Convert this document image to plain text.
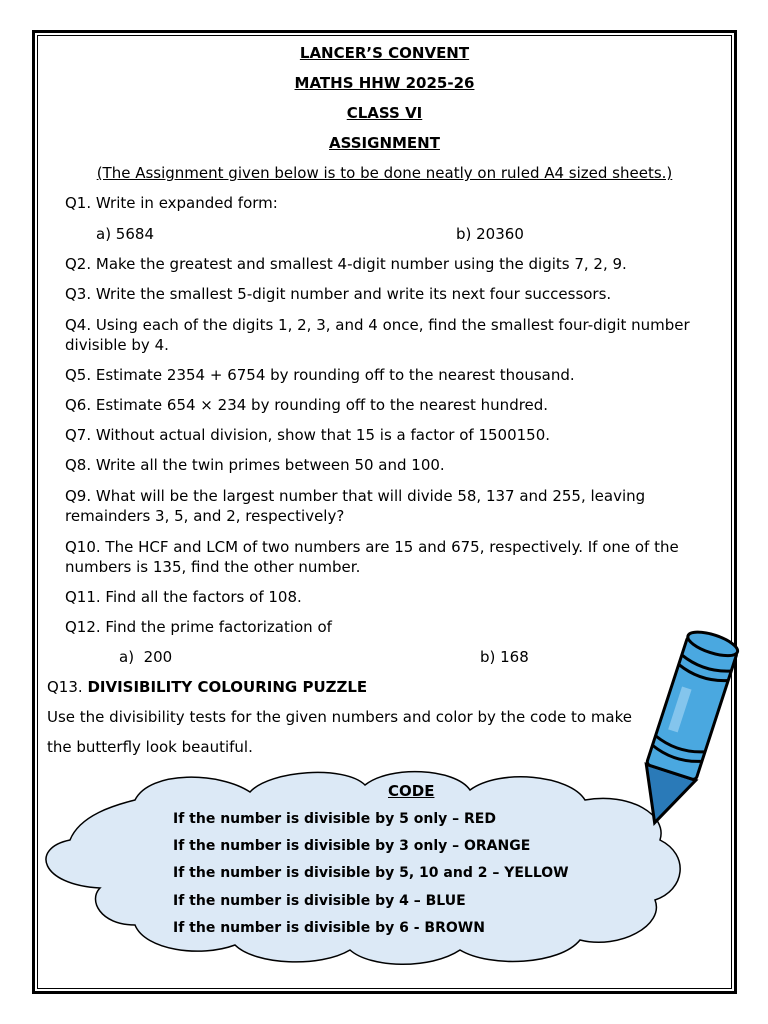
LANCER’S CONVENT
MATHS HHW 2025-26
CLASS VI
ASSIGNMENT
(The Assignment given below is to be done neatly on ruled A4 sized sheets.)
Q1. Write in expanded form:
a) 5684	b) 20360
Q2. Make the greatest and smallest 4-digit number using the digits 7, 2, 9.
Q3. Write the smallest 5-digit number and write its next four successors.
Q4. Using each of the digits 1, 2, 3, and 4 once, find the smallest four-digit number divisible by 4.
Q5. Estimate 2354 + 6754 by rounding off to the nearest thousand.
Q6. Estimate 654 × 234 by rounding off to the nearest hundred.
Q7. Without actual division, show that 15 is a factor of 1500150.
Q8. Write all the twin primes between 50 and 100.
Q9. What will be the largest number that will divide 58, 137 and 255, leaving remainders 3, 5, and 2, respectively?
Q10. The HCF and LCM of two numbers are 15 and 675, respectively. If one of the numbers is 135, find the other number.
Q11. Find all the factors of 108.
Q12. Find the prime factorization of
a)  200	b) 168
Q13. DIVISIBILITY COLOURING PUZZLE
Use the divisibility tests for the given numbers and color by the code to make
the butterfly look beautiful.
CODE
If the number is divisible by 5 only – RED
If the number is divisible by 3 only – ORANGE
If the number is divisible by 5, 10 and 2 – YELLOW
If the number is divisible by 4 – BLUE
If the number is divisible by 6 - BROWN
